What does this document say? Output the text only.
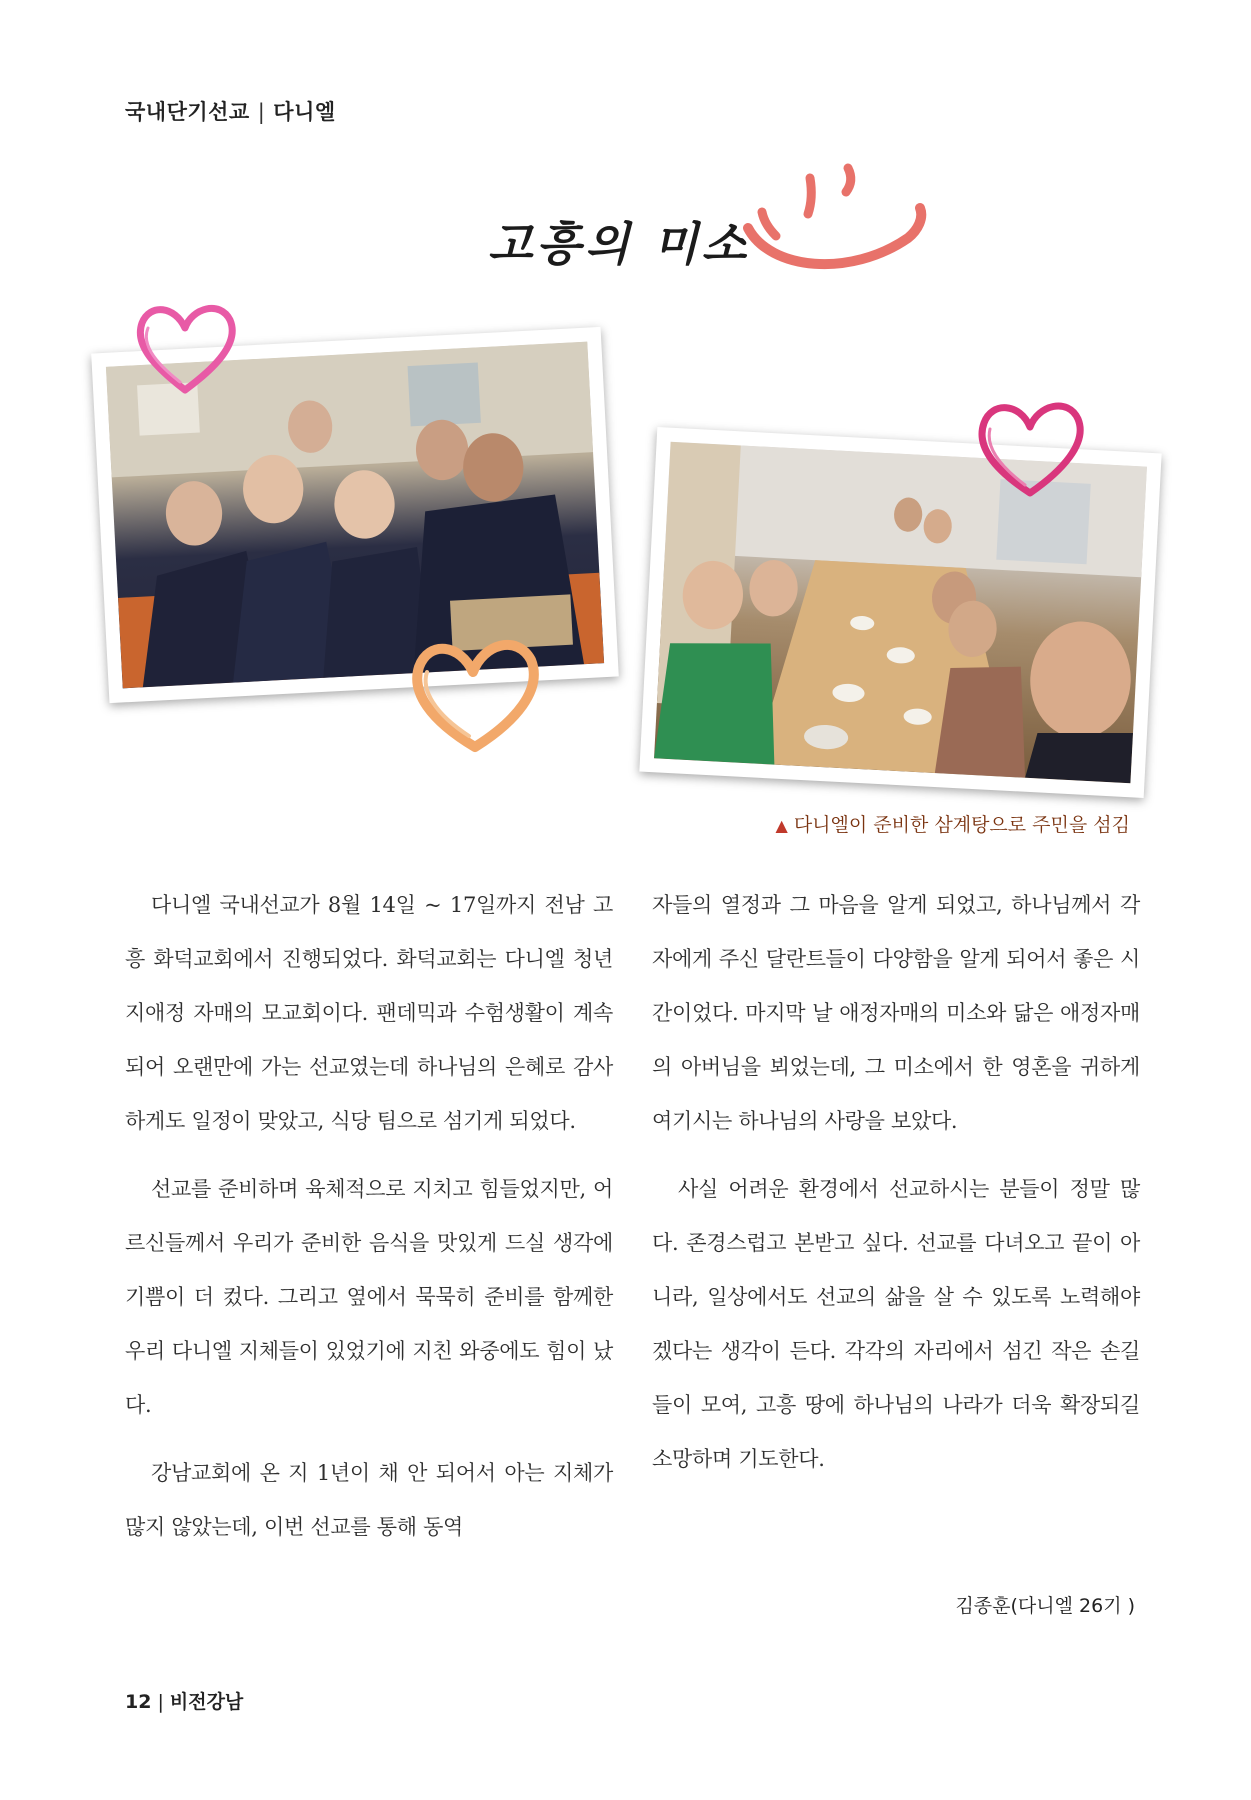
국내단기선교 | 다니엘
고흥의 미소
▲ 다니엘이 준비한 삼계탕으로 주민을 섬김

다니엘 국내선교가 8월 14일 ~ 17일까지 전남 고흥 화덕교회에서 진행되었다. 화덕교회는 다니엘 청년 지애정 자매의 모교회이다. 팬데믹과 수험생활이 계속되어 오랜만에 가는 선교였는데 하나님의 은혜로 감사하게도 일정이 맞았고, 식당 팀으로 섬기게 되었다.

선교를 준비하며 육체적으로 지치고 힘들었지만, 어르신들께서 우리가 준비한 음식을 맛있게 드실 생각에 기쁨이 더 컸다. 그리고 옆에서 묵묵히 준비를 함께한 우리 다니엘 지체들이 있었기에 지친 와중에도 힘이 났다.

강남교회에 온 지 1년이 채 안 되어서 아는 지체가 많지 않았는데, 이번 선교를 통해 동역

자들의 열정과 그 마음을 알게 되었고, 하나님께서 각자에게 주신 달란트들이 다양함을 알게 되어서 좋은 시간이었다. 마지막 날 애정자매의 미소와 닮은 애정자매의 아버님을 뵈었는데, 그 미소에서 한 영혼을 귀하게 여기시는 하나님의 사랑을 보았다.

사실 어려운 환경에서 선교하시는 분들이 정말 많다. 존경스럽고 본받고 싶다. 선교를 다녀오고 끝이 아니라, 일상에서도 선교의 삶을 살 수 있도록 노력해야겠다는 생각이 든다. 각각의 자리에서 섬긴 작은 손길들이 모여, 고흥 땅에 하나님의 나라가 더욱 확장되길 소망하며 기도한다.

김종훈(다니엘 26기 )
12 | 비전강남
